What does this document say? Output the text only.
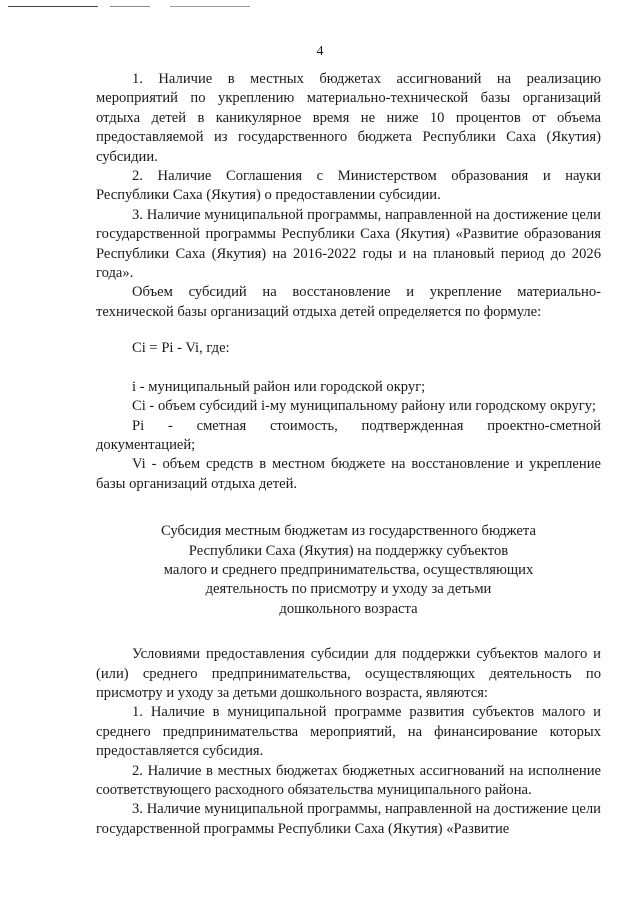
4

1. Наличие в местных бюджетах ассигнований на реализацию мероприятий по укреплению материально-технической базы организаций отдыха детей в каникулярное время не ниже 10 процентов от объема предоставляемой из государственного бюджета Республики Саха (Якутия) субсидии.

2. Наличие Соглашения с Министерством образования и науки Республики Саха (Якутия) о предоставлении субсидии.

3. Наличие муниципальной программы, направленной на достижение цели государственной программы Республики Саха (Якутия) «Развитие образования Республики Саха (Якутия) на 2016-2022 годы и на плановый период до 2026 года».

Объем субсидий на восстановление и укрепление материально-технической базы организаций отдыха детей определяется по формуле:

Ci = Pi - Vi, где:

i - муниципальный район или городской округ;

Ci - объем субсидий i-му муниципальному району или городскому округу;

Pi - сметная стоимость, подтвержденная проектно-сметной документацией;

Vi - объем средств в местном бюджете на восстановление и укрепление базы организаций отдыха детей.

Субсидия местным бюджетам из государственного бюджета
Республики Саха (Якутия) на поддержку субъектов
малого и среднего предпринимательства, осуществляющих
деятельность по присмотру и уходу за детьми
дошкольного возраста

Условиями предоставления субсидии для поддержки субъектов малого и (или) среднего предпринимательства, осуществляющих деятельность по присмотру и уходу за детьми дошкольного возраста, являются:

1. Наличие в муниципальной программе развития субъектов малого и среднего предпринимательства мероприятий, на финансирование которых предоставляется субсидия.

2. Наличие в местных бюджетах бюджетных ассигнований на исполнение соответствующего расходного обязательства муниципального района.

3. Наличие муниципальной программы, направленной на достижение цели государственной программы Республики Саха (Якутия) «Развитие
